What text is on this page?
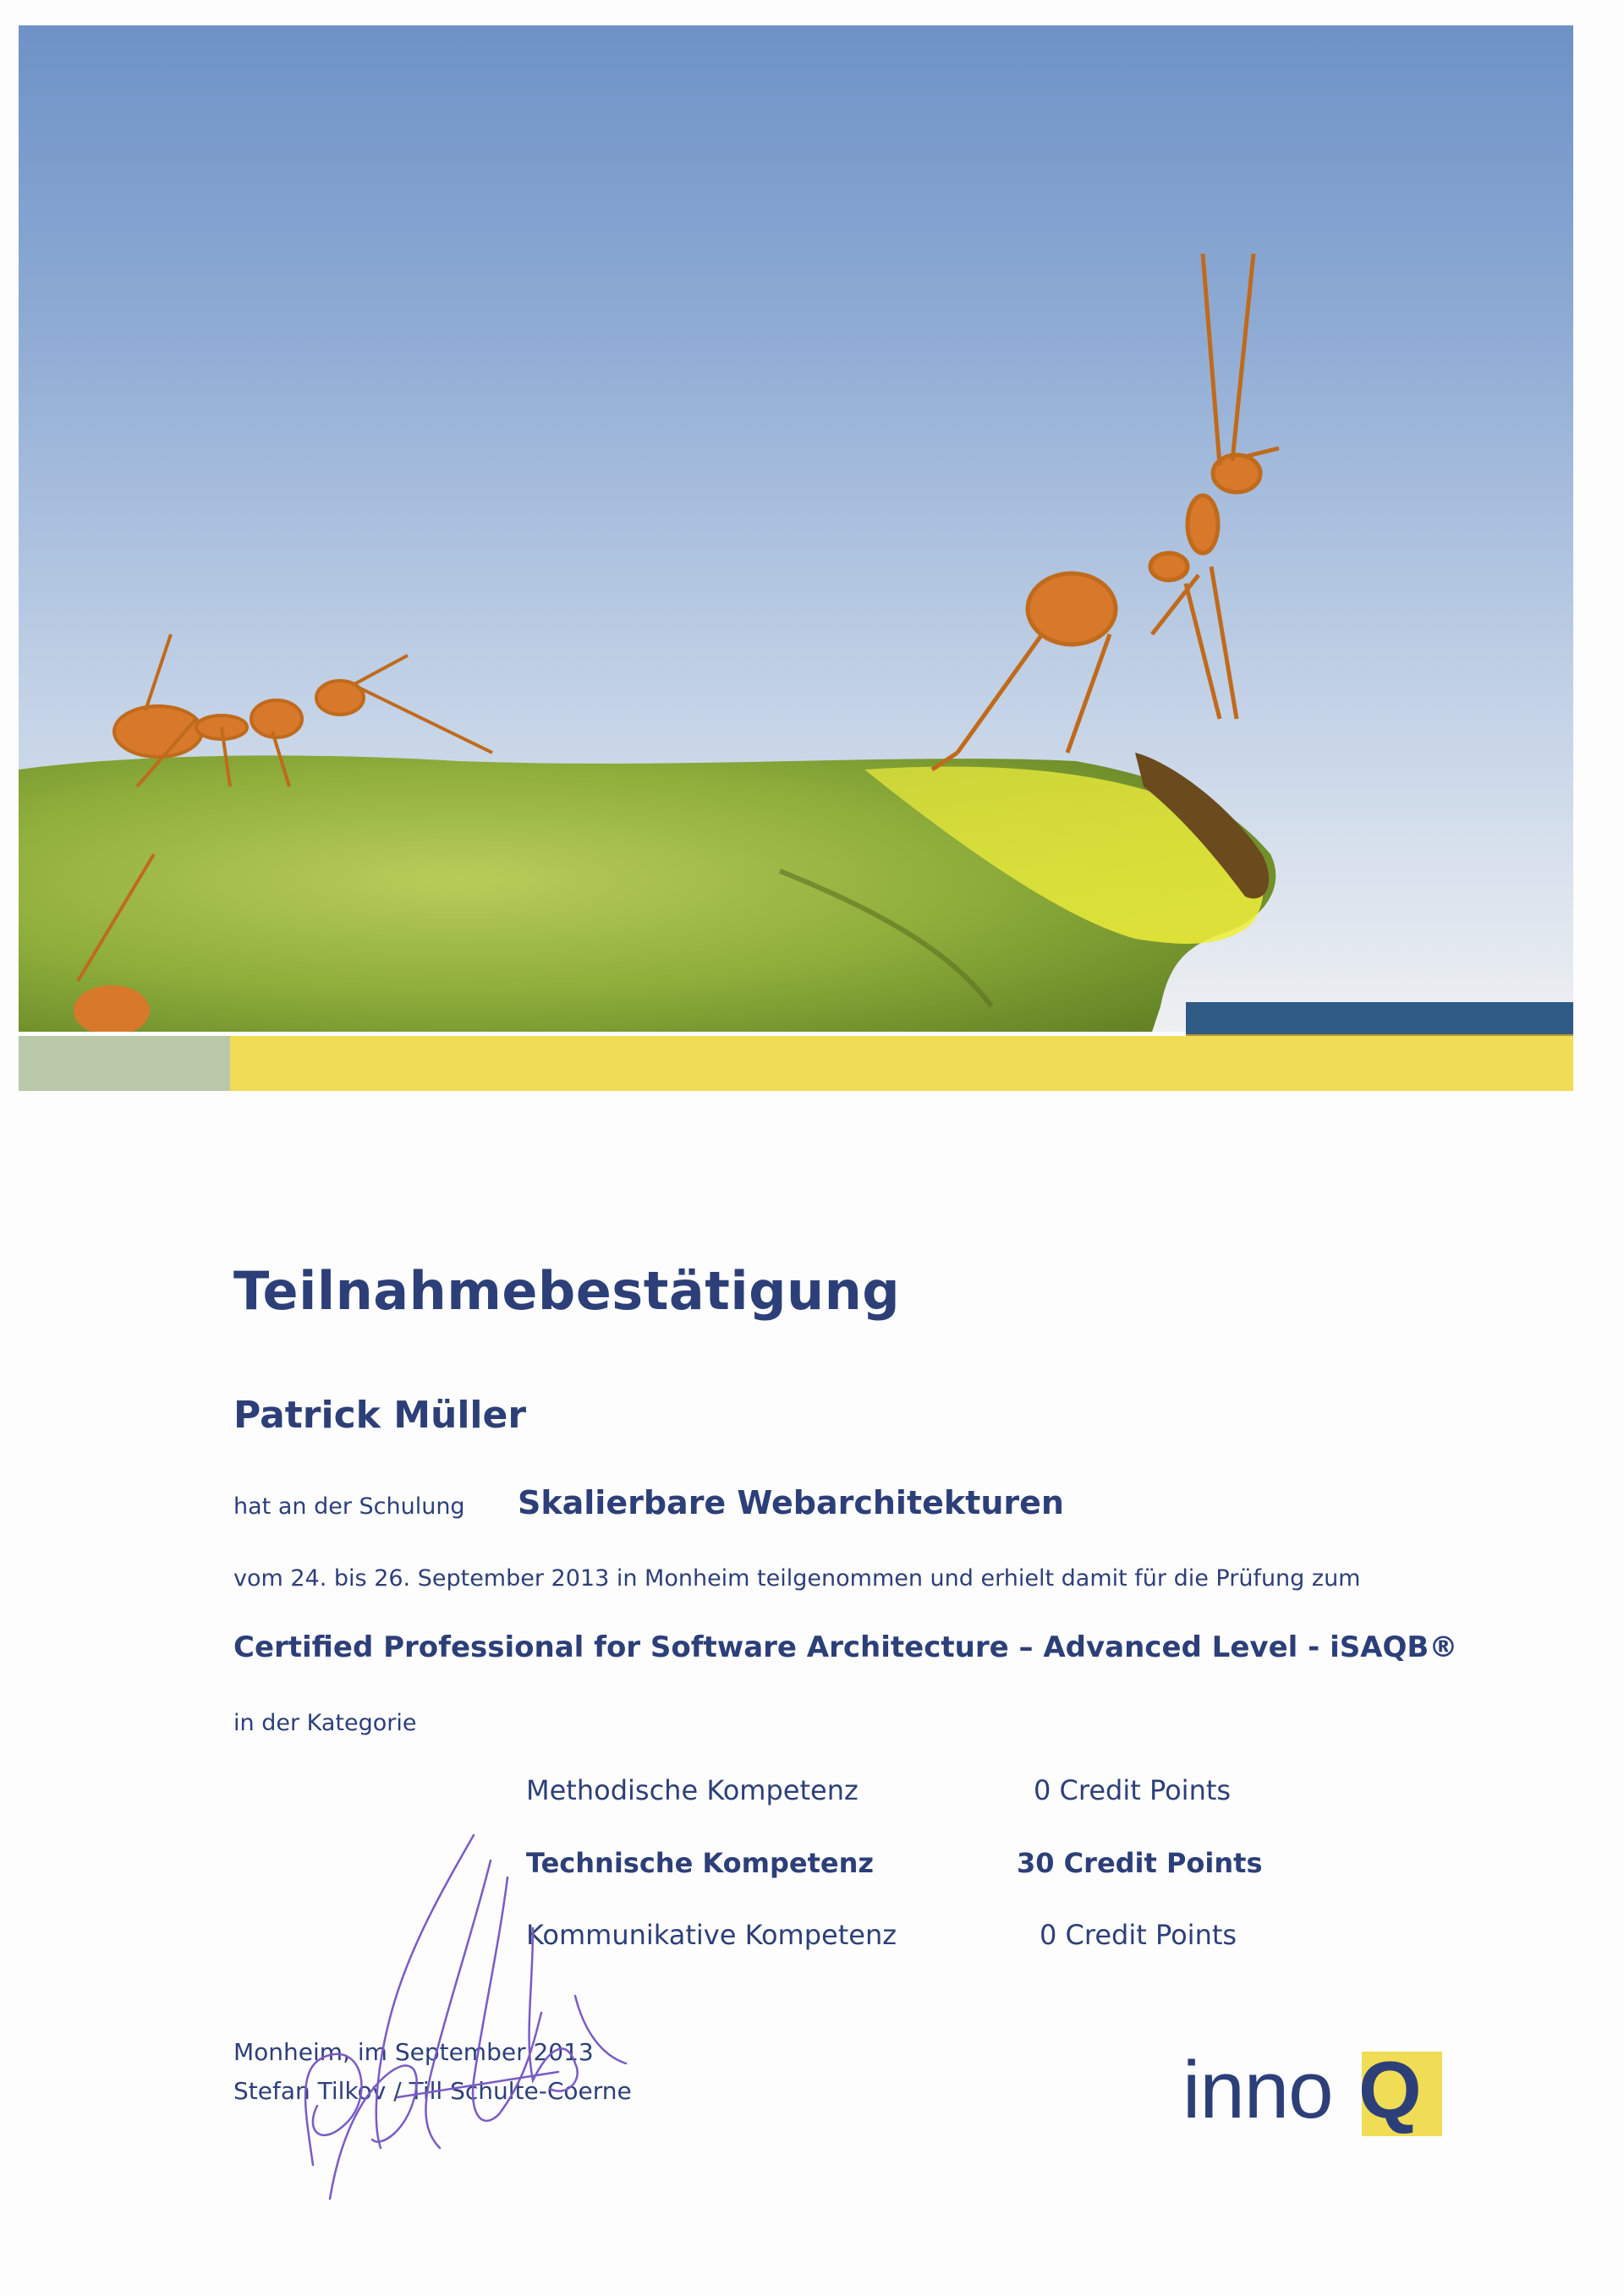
Teilnahmebestätigung
Patrick Müller
hat an der Schulung Skalierbare Webarchitekturen
vom 24. bis 26. September 2013 in Monheim teilgenommen und erhielt damit für die Prüfung zum
Certified Professional for Software Architecture – Advanced Level - iSAQB®
in der Kategorie
Methodische Kompetenz	0 Credit Points
Technische Kompetenz	30 Credit Points
Kommunikative Kompetenz	0 Credit Points
Monheim, im September 2013
Stefan Tilkov / Till Schulte-Coerne	inno Q
